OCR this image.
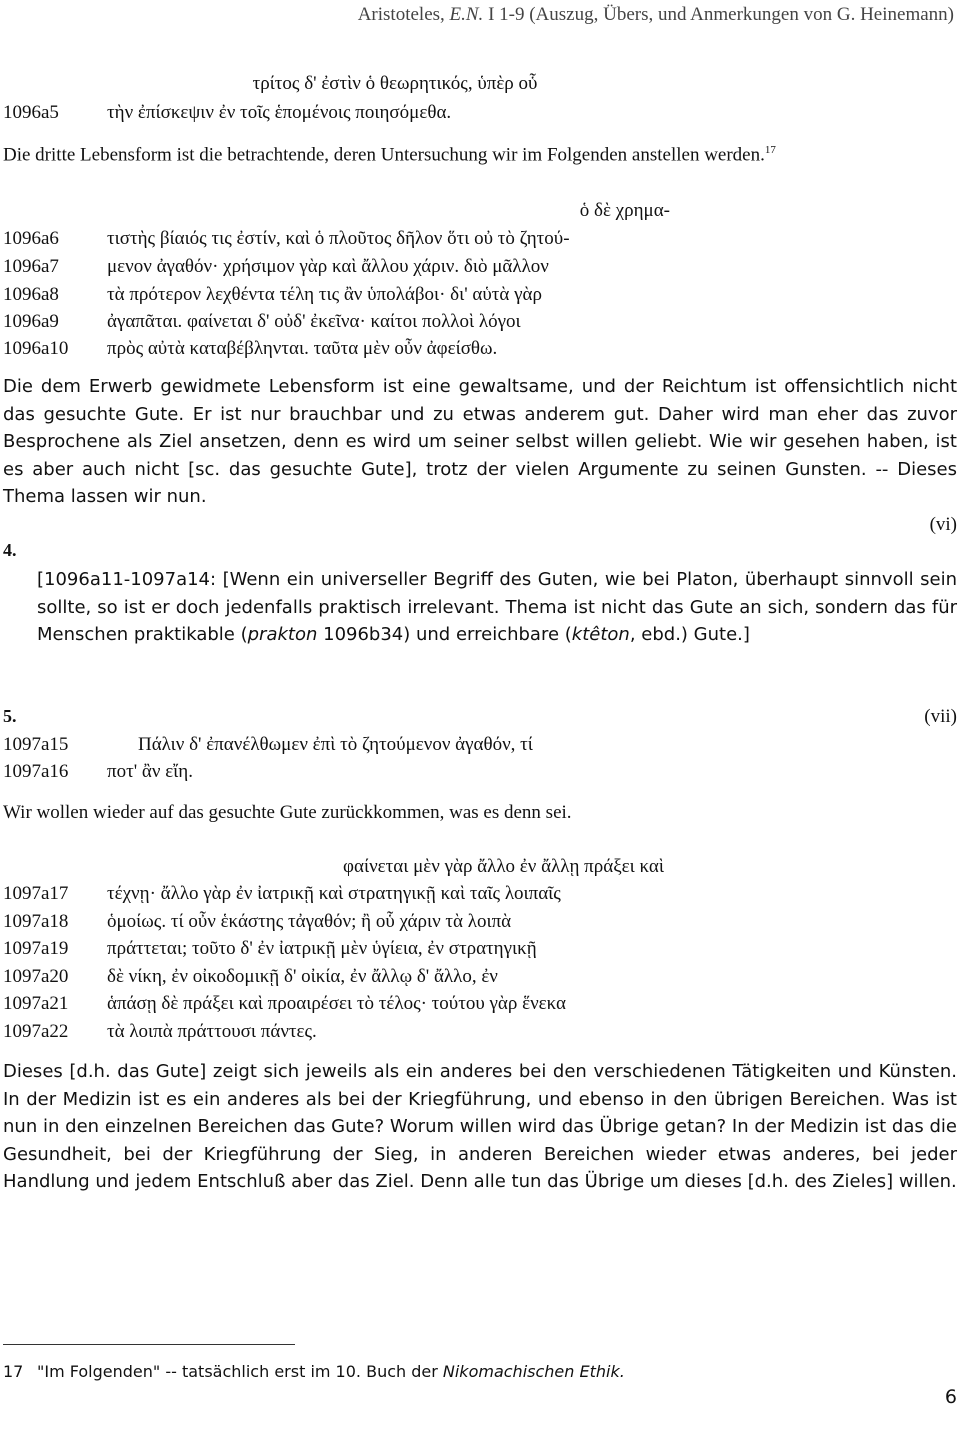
Aristoteles, E.N. I 1-9 (Auszug, Übers, und Anmerkungen von G. Heinemann)
τρίτος δ' ἐστὶν ὁ θεωρητικός, ὑπὲρ οὗ
1096a5	τὴν ἐπίσκεψιν ἐν τοῖς ἑπομένοις ποιησόμεθα.
Die dritte Lebensform ist die betrachtende, deren Untersuchung wir im Folgenden anstellen werden.$^{17}$
ὁ δὲ χρημα-
1096a6	τιστὴς βίαιός τις ἐστίν, καὶ ὁ πλοῦτος δῆλον ὅτι οὐ τὸ ζητού-
1096a7	μενον ἀγαθόν· χρήσιμον γὰρ καὶ ἄλλου χάριν. διὸ μᾶλλον
1096a8	τὰ πρότερον λεχθέντα τέλη τις ἂν ὑπολάβοι· δι' αὑτὰ γὰρ
1096a9	ἀγαπᾶται. φαίνεται δ' οὐδ' ἐκεῖνα· καίτοι πολλοὶ λόγοι
1096a10 πρὸς αὐτὰ καταβέβληνται. ταῦτα μὲν οὖν ἀφείσθω.
Die dem Erwerb gewidmete Lebensform ist eine gewaltsame, und der Reichtum ist offensichtlich nicht das gesuchte Gute. Er ist nur brauchbar und zu etwas anderem gut. Daher wird man eher das zuvor Besprochene als Ziel ansetzen, denn es wird um seiner selbst willen geliebt. Wie wir gesehen haben, ist es aber auch nicht [sc. das gesuchte Gute], trotz der vielen Argumente zu seinen Gunsten. -- Dieses Thema lassen wir nun.
(vi)
4.
[1096a11-1097a14: [Wenn ein universeller Begriff des Guten, wie bei Platon, überhaupt sinnvoll sein sollte, so ist er doch jedenfalls praktisch irrelevant. Thema ist nicht das Gute an sich, sondern das für Menschen praktikable (prakton 1096b34) und erreichbare (ktêton, ebd.) Gute.]
(vii)
5.
1097a15	Πάλιν δ' ἐπανέλθωμεν ἐπὶ τὸ ζητούμενον ἀγαθόν, τί
1097a16 ποτ' ἂν εἴη.
Wir wollen wieder auf das gesuchte Gute zurückkommen, was es denn sei.
φαίνεται μὲν γὰρ ἄλλο ἐν ἄλλῃ πράξει καὶ
1097a17 τέχνῃ· ἄλλο γὰρ ἐν ἰατρικῇ καὶ στρατηγικῇ καὶ ταῖς λοιπαῖς
1097a18 ὁμοίως. τί οὖν ἑκάστης τἀγαθόν; ἢ οὗ χάριν τὰ λοιπὰ
1097a19 πράττεται; τοῦτο δ' ἐν ἰατρικῇ μὲν ὑγίεια, ἐν στρατηγικῇ
1097a20 δὲ νίκη, ἐν οἰκοδομικῇ δ' οἰκία, ἐν ἄλλῳ δ' ἄλλο, ἐν
1097a21 ἁπάσῃ δὲ πράξει καὶ προαιρέσει τὸ τέλος· τούτου γὰρ ἕνεκα
1097a22 τὰ λοιπὰ πράττουσι πάντες.
Dieses [d.h. das Gute] zeigt sich jeweils als ein anderes bei den verschiedenen Tätigkeiten und Künsten. In der Medizin ist es ein anderes als bei der Kriegführung, und ebenso in den übrigen Bereichen. Was ist nun in den einzelnen Bereichen das Gute? Worum willen wird das Übrige getan? In der Medizin ist das die Gesundheit, bei der Kriegführung der Sieg, in anderen Bereichen wieder etwas anderes, bei jeder Handlung und jedem Entschluß aber das Ziel. Denn alle tun das Übrige um dieses [d.h. des Zieles] willen.
17 "Im Folgenden" -- tatsächlich erst im 10. Buch der Nikomachischen Ethik.
6
